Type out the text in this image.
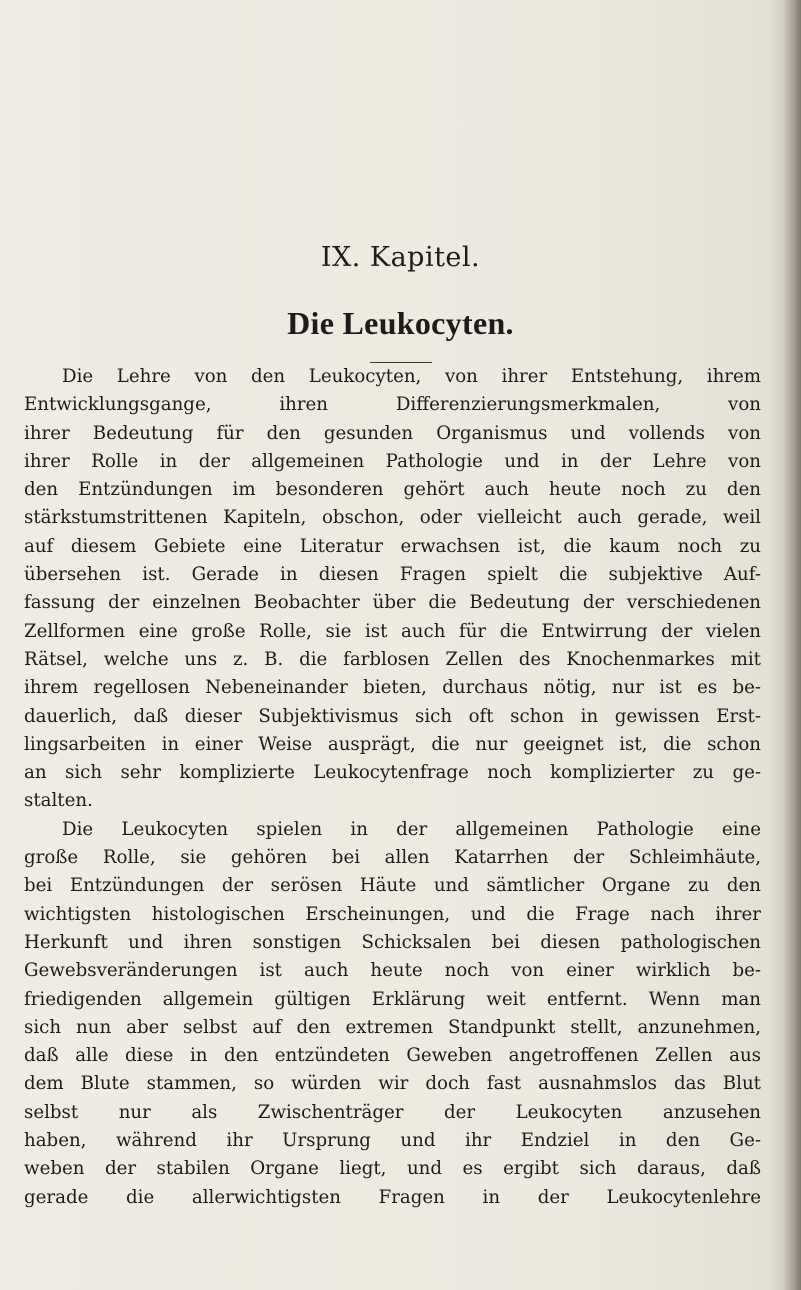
IX. Kapitel.
Die Leukocyten.
Die Lehre von den Leukocyten, von ihrer Entstehung, ihrem
Entwicklungsgange, ihren Differenzierungsmerkmalen, von
ihrer Bedeutung für den gesunden Organismus und vollends von
ihrer Rolle in der allgemeinen Pathologie und in der Lehre von
den Entzündungen im besonderen gehört auch heute noch zu den
stärkstumstrittenen Kapiteln, obschon, oder vielleicht auch gerade, weil
auf diesem Gebiete eine Literatur erwachsen ist, die kaum noch zu
übersehen ist. Gerade in diesen Fragen spielt die subjektive Auf-
fassung der einzelnen Beobachter über die Bedeutung der verschiedenen
Zellformen eine große Rolle, sie ist auch für die Entwirrung der vielen
Rätsel, welche uns z. B. die farblosen Zellen des Knochenmarkes mit
ihrem regellosen Nebeneinander bieten, durchaus nötig, nur ist es be-
dauerlich, daß dieser Subjektivismus sich oft schon in gewissen Erst-
lingsarbeiten in einer Weise ausprägt, die nur geeignet ist, die schon
an sich sehr komplizierte Leukocytenfrage noch komplizierter zu ge-
stalten.
Die Leukocyten spielen in der allgemeinen Pathologie eine
große Rolle, sie gehören bei allen Katarrhen der Schleimhäute,
bei Entzündungen der serösen Häute und sämtlicher Organe zu den
wichtigsten histologischen Erscheinungen, und die Frage nach ihrer
Herkunft und ihren sonstigen Schicksalen bei diesen pathologischen
Gewebsveränderungen ist auch heute noch von einer wirklich be-
friedigenden allgemein gültigen Erklärung weit entfernt. Wenn man
sich nun aber selbst auf den extremen Standpunkt stellt, anzunehmen,
daß alle diese in den entzündeten Geweben angetroffenen Zellen aus
dem Blute stammen, so würden wir doch fast ausnahmslos das Blut
selbst nur als Zwischenträger der Leukocyten anzusehen
haben, während ihr Ursprung und ihr Endziel in den Ge-
weben der stabilen Organe liegt, und es ergibt sich daraus, daß
gerade die allerwichtigsten Fragen in der Leukocytenlehre
